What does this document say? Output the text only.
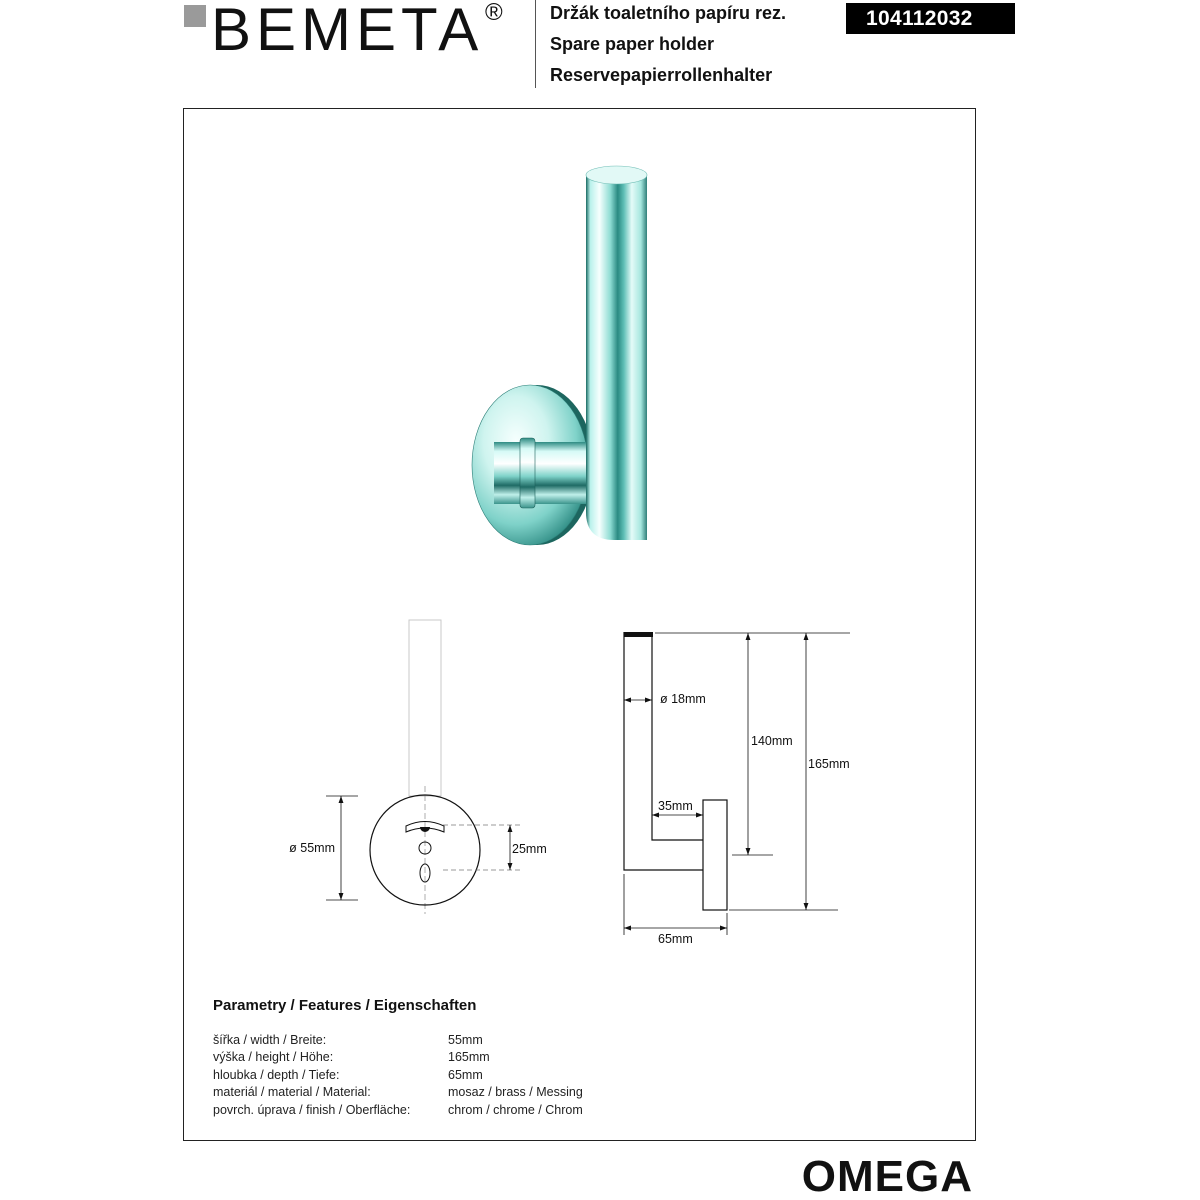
BEMETA ®	Držák toaletního papíru rez.
Spare paper holder
Reservepapierrollenhalter
104112032
25mm
ø 55mm
ø 18mm
140mm
165mm
35mm
65mm
Parametry / Features / Eigenschaften
šířka / width / Breite:	55mm
výška / height / Höhe:	165mm
hloubka / depth / Tiefe:	65mm
materiál / material / Material:	mosaz / brass / Messing
povrch. úprava / finish / Oberfläche:	chrom / chrome / Chrom
OMEGA
